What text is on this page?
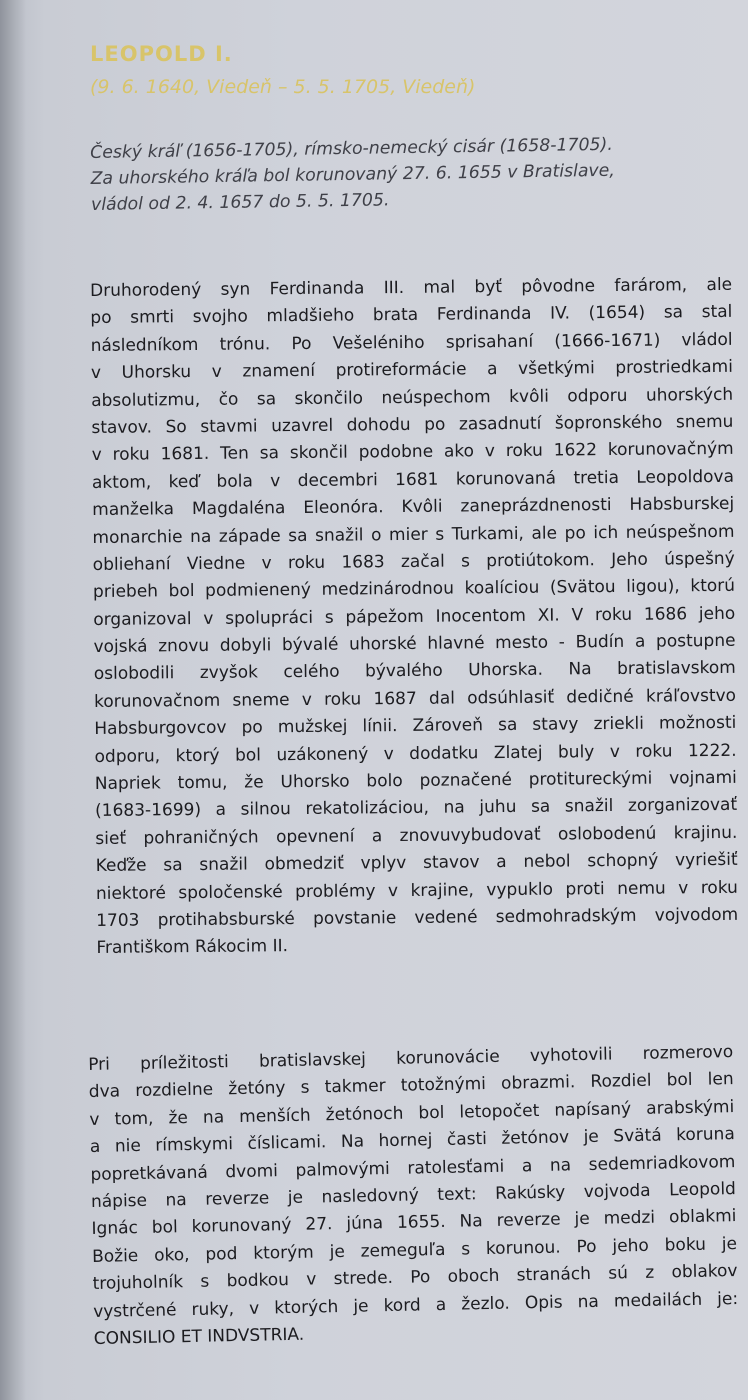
LEOPOLD I.
(9. 6. 1640, Viedeň – 5. 5. 1705, Viedeň)
Český kráľ (1656-1705), rímsko-nemecký cisár (1658-1705).
Za uhorského kráľa bol korunovaný 27. 6. 1655 v Bratislave,
vládol od 2. 4. 1657 do 5. 5. 1705.
Druhorodený syn Ferdinanda III. mal byť pôvodne farárom, ale
po smrti svojho mladšieho brata Ferdinanda IV. (1654) sa stal
následníkom trónu. Po Vešeléniho sprisahaní (1666-1671) vládol
v Uhorsku v znamení protireformácie a všetkými prostriedkami
absolutizmu, čo sa skončilo neúspechom kvôli odporu uhorských
stavov. So stavmi uzavrel dohodu po zasadnutí šopronského snemu
v roku 1681. Ten sa skončil podobne ako v roku 1622 korunovačným
aktom, keď bola v decembri 1681 korunovaná tretia Leopoldova
manželka Magdaléna Eleonóra. Kvôli zaneprázdnenosti Habsburskej
monarchie na západe sa snažil o mier s Turkami, ale po ich neúspešnom
obliehaní Viedne v roku 1683 začal s protiútokom. Jeho úspešný
priebeh bol podmienený medzinárodnou koalíciou (Svätou ligou), ktorú
organizoval v spolupráci s pápežom Inocentom XI. V roku 1686 jeho
vojská znovu dobyli bývalé uhorské hlavné mesto - Budín a postupne
oslobodili zvyšok celého bývalého Uhorska. Na bratislavskom
korunovačnom sneme v roku 1687 dal odsúhlasiť dedičné kráľovstvo
Habsburgovcov po mužskej línii. Zároveň sa stavy zriekli možnosti
odporu, ktorý bol uzákonený v dodatku Zlatej buly v roku 1222.
Napriek tomu, že Uhorsko bolo poznačené protitureckými vojnami
(1683-1699) a silnou rekatolizáciou, na juhu sa snažil zorganizovať
sieť pohraničných opevnení a znovuvybudovať oslobodenú krajinu.
Keďže sa snažil obmedziť vplyv stavov a nebol schopný vyriešiť
niektoré spoločenské problémy v krajine, vypuklo proti nemu v roku
1703 protihabsburské povstanie vedené sedmohradským vojvodom
Františkom Rákocim II.
Pri príležitosti bratislavskej korunovácie vyhotovili rozmerovo
dva rozdielne žetóny s takmer totožnými obrazmi. Rozdiel bol len
v tom, že na menších žetónoch bol letopočet napísaný arabskými
a nie rímskymi číslicami. Na hornej časti žetónov je Svätá koruna
popretkávaná dvomi palmovými ratolesťami a na sedemriadkovom
nápise na reverze je nasledovný text: Rakúsky vojvoda Leopold
Ignác bol korunovaný 27. júna 1655. Na reverze je medzi oblakmi
Božie oko, pod ktorým je zemeguľa s korunou. Po jeho boku je
trojuholník s bodkou v strede. Po oboch stranách sú z oblakov
vystrčené ruky, v ktorých je kord a žezlo. Opis na medailách je:
CONSILIO ET INDVSTRIA.
